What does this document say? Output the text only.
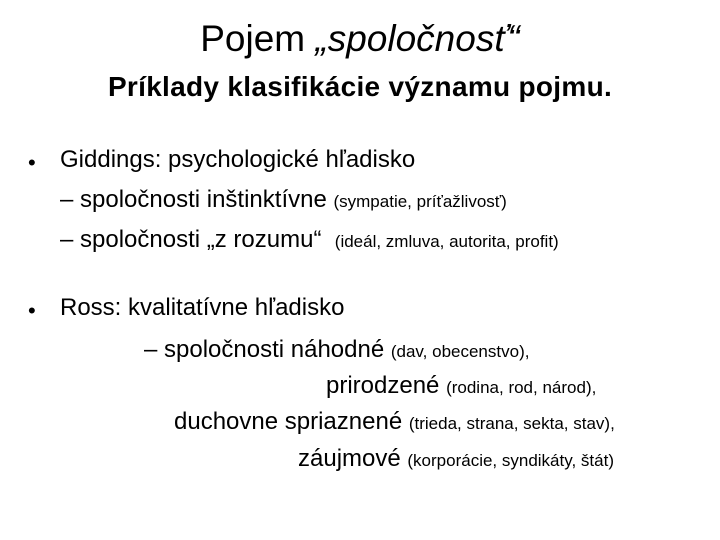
Pojem „spoločnosť“
Príklady klasifikácie významu pojmu.
• Giddings: psychologické hľadisko
– spoločnosti inštinktívne (sympatie, príťažlivosť)
– spoločnosti „z rozumu“ (ideál, zmluva, autorita, profit)
• Ross: kvalitatívne hľadisko
– spoločnosti náhodné (dav, obecenstvo),
prirodzené (rodina, rod, národ),
duchovne spriaznené (trieda, strana, sekta, stav),
záujmové (korporácie, syndikáty, štát)
